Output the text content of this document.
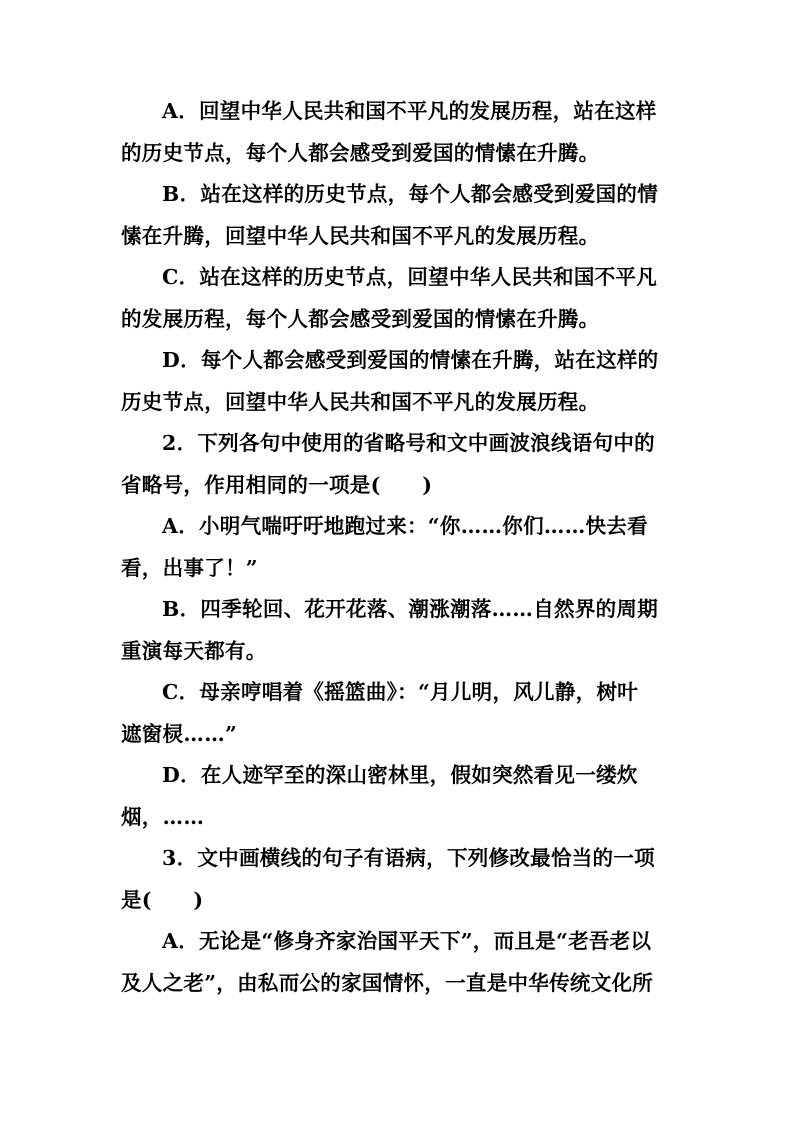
A．回望中华人民共和国不平凡的发展历程，站在这样
的历史节点，每个人都会感受到爱国的情愫在升腾。
B．站在这样的历史节点，每个人都会感受到爱国的情
愫在升腾，回望中华人民共和国不平凡的发展历程。
C．站在这样的历史节点，回望中华人民共和国不平凡
的发展历程，每个人都会感受到爱国的情愫在升腾。
D．每个人都会感受到爱国的情愫在升腾，站在这样的
历史节点，回望中华人民共和国不平凡的发展历程。

2．下列各句中使用的省略号和文中画波浪线语句中的
省略号，作用相同的一项是(　　)
A．小明气喘吁吁地跑过来：“你……你们……快去看
看，出事了！”
B．四季轮回、花开花落、潮涨潮落……自然界的周期
重演每天都有。
C．母亲哼唱着《摇篮曲》：“月儿明，风儿静，树叶
遮窗棂……”
D．在人迹罕至的深山密林里，假如突然看见一缕炊
烟，……

3．文中画横线的句子有语病，下列修改最恰当的一项
是(　　)
A．无论是“修身齐家治国平天下”，而且是“老吾老以
及人之老”，由私而公的家国情怀，一直是中华传统文化所
